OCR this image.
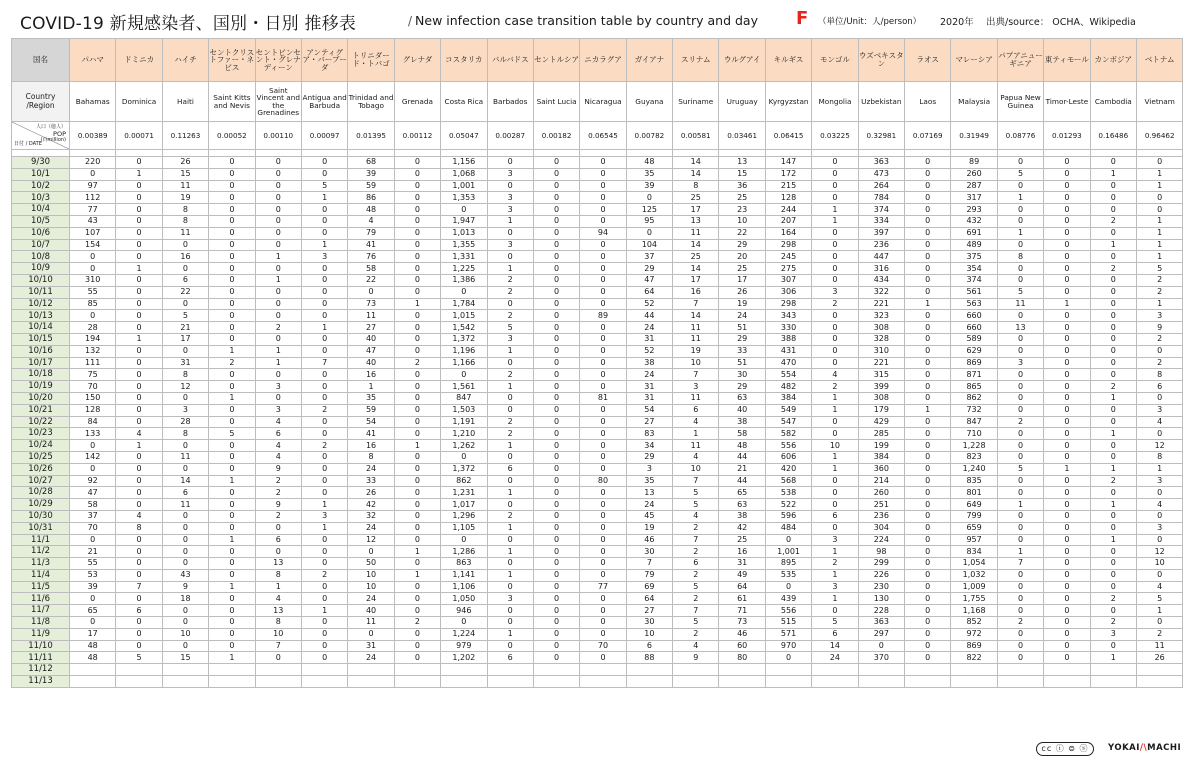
COVID-19 新規感染者、国別・日別 推移表	/ New infection case transition table by country and day F （単位/Unit：人/person） 2020年 出典/source： OCHA、Wikipedia
国名	パハマ	ドミニカ	ハイチ	セントクリストファー・ネビス	セントビンセント・グレナディーン	アンティグア・バーブーダ	トリニダード・トバゴ	グレナダ	コスタリカ	バルバドス	セントルシア	ニカラグア	ガイアナ	スリナム	ウルグアイ	キルギス	モンゴル	ウズベキスタン	ラオス	マレーシア	パプアニューギニア	東ティモール	カンボジア	ベトナム
Country /Region	Bahamas	Dominica	Haiti	Saint Kitts and Nevis	Saint Vincent and the Grenadines	Antigua and Barbuda	Trinidad and Tobago	Grenada	Costa Rica	Barbados	Saint Lucia	Nicaragua	Guyana	Suriname	Uruguay	Kyrgyzstan	Mongolia	Uzbekistan	Laos	Malaysia	Papua New Guinea	Timor-Leste	Cambodia	Vietnam

人口（億人）
POP
(百million)
日付 / DATE	0.00389	0.00071	0.11263	0.00052	0.00110	0.00097	0.01395	0.00112	0.05047	0.00287	0.00182	0.06545	0.00782	0.00581	0.03461	0.06415	0.03225	0.32981	0.07169	0.31949	0.08776	0.01293	0.16486	0.96462

9/30	220	0	26	0	0	0	68	0	1,156	0	0	0	48	14	13	147	0	363	0	89	0	0	0	0
10/1	0	1	15	0	0	0	39	0	1,068	3	0	0	35	14	15	172	0	473	0	260	5	0	1	1
10/2	97	0	11	0	0	5	59	0	1,001	0	0	0	39	8	36	215	0	264	0	287	0	0	0	1
10/3	112	0	19	0	0	1	86	0	1,353	3	0	0	0	25	25	128	0	784	0	317	1	0	0	0
10/4	77	0	8	0	0	0	48	0	0	3	0	0	125	17	23	244	1	374	0	293	0	0	0	0
10/5	43	0	8	0	0	0	4	0	1,947	1	0	0	95	13	10	207	1	334	0	432	0	0	2	1
10/6	107	0	11	0	0	0	79	0	1,013	0	0	94	0	11	22	164	0	397	0	691	1	0	0	1
10/7	154	0	0	0	0	1	41	0	1,355	3	0	0	104	14	29	298	0	236	0	489	0	0	1	1
10/8	0	0	16	0	1	3	76	0	1,331	0	0	0	37	25	20	245	0	447	0	375	8	0	0	1
10/9	0	1	0	0	0	0	58	0	1,225	1	0	0	29	14	25	275	0	316	0	354	0	0	2	5
10/10	310	0	6	0	1	0	22	0	1,386	2	0	0	47	17	17	307	0	434	0	374	0	0	0	2
10/11	55	0	22	0	0	0	0	0	0	2	0	0	64	16	26	306	3	322	0	561	5	0	0	2
10/12	85	0	0	0	0	0	73	1	1,784	0	0	0	52	7	19	298	2	221	1	563	11	1	0	1
10/13	0	0	5	0	0	0	11	0	1,015	2	0	89	44	14	24	343	0	323	0	660	0	0	0	3
10/14	28	0	21	0	2	1	27	0	1,542	5	0	0	24	11	51	330	0	308	0	660	13	0	0	9
10/15	194	1	17	0	0	0	40	0	1,372	3	0	0	31	11	29	388	0	328	0	589	0	0	0	2
10/16	132	0	0	1	1	0	47	0	1,196	1	0	0	52	19	33	431	0	310	0	629	0	0	0	0
10/17	111	0	31	2	1	7	40	2	1,166	0	0	0	38	10	51	470	0	221	0	869	3	0	0	2
10/18	75	0	8	0	0	0	16	0	0	2	0	0	24	7	30	554	4	315	0	871	0	0	0	8
10/19	70	0	12	0	3	0	1	0	1,561	1	0	0	31	3	29	482	2	399	0	865	0	0	2	6
10/20	150	0	0	1	0	0	35	0	847	0	0	81	31	11	63	384	1	308	0	862	0	0	1	0
10/21	128	0	3	0	3	2	59	0	1,503	0	0	0	54	6	40	549	1	179	1	732	0	0	0	3
10/22	84	0	28	0	4	0	54	0	1,191	2	0	0	27	4	38	547	0	429	0	847	2	0	0	4
10/23	133	4	8	5	6	0	41	0	1,210	2	0	0	83	1	58	582	0	285	0	710	0	0	1	0
10/24	0	1	0	0	4	2	16	1	1,262	1	0	0	34	11	48	556	10	199	0	1,228	0	0	0	12
10/25	142	0	11	0	4	0	8	0	0	0	0	0	29	4	44	606	1	384	0	823	0	0	0	8
10/26	0	0	0	0	9	0	24	0	1,372	6	0	0	3	10	21	420	1	360	0	1,240	5	1	1	1
10/27	92	0	14	1	2	0	33	0	862	0	0	80	35	7	44	568	0	214	0	835	0	0	2	3
10/28	47	0	6	0	2	0	26	0	1,231	1	0	0	13	5	65	538	0	260	0	801	0	0	0	0
10/29	58	0	11	0	9	1	42	0	1,017	0	0	0	24	5	63	522	0	251	0	649	1	0	1	4
10/30	37	4	0	0	2	3	32	0	1,296	2	0	0	45	4	38	596	6	236	0	799	0	0	0	0
10/31	70	8	0	0	0	1	24	0	1,105	1	0	0	19	2	42	484	0	304	0	659	0	0	0	3
11/1	0	0	0	1	6	0	12	0	0	0	0	0	46	7	25	0	3	224	0	957	0	0	1	0
11/2	21	0	0	0	0	0	0	1	1,286	1	0	0	30	2	16	1,001	1	98	0	834	1	0	0	12
11/3	55	0	0	0	13	0	50	0	863	0	0	0	7	6	31	895	2	299	0	1,054	7	0	0	10
11/4	53	0	43	0	8	2	10	1	1,141	1	0	0	79	2	49	535	1	226	0	1,032	0	0	0	0
11/5	39	7	9	1	1	0	10	0	1,106	0	0	77	69	5	64	0	3	230	0	1,009	0	0	0	4
11/6	0	0	18	0	4	0	24	0	1,050	3	0	0	64	2	61	439	1	130	0	1,755	0	0	2	5
11/7	65	6	0	0	13	1	40	0	946	0	0	0	27	7	71	556	0	228	0	1,168	0	0	0	1
11/8	0	0	0	0	8	0	11	2	0	0	0	0	30	5	73	515	5	363	0	852	2	0	2	0
11/9	17	0	10	0	10	0	0	0	1,224	1	0	0	10	2	46	571	6	297	0	972	0	0	3	2
11/10	48	0	0	0	7	0	31	0	979	0	0	70	6	4	60	970	14	0	0	869	0	0	0	11
11/11	48	5	15	1	0	0	24	0	1,202	6	0	0	88	9	80	0	24	370	0	822	0	0	1	26
11/12																								
11/13																								
cc ⓘ ⊜ ⓢ	YOKAI/\MACHI
